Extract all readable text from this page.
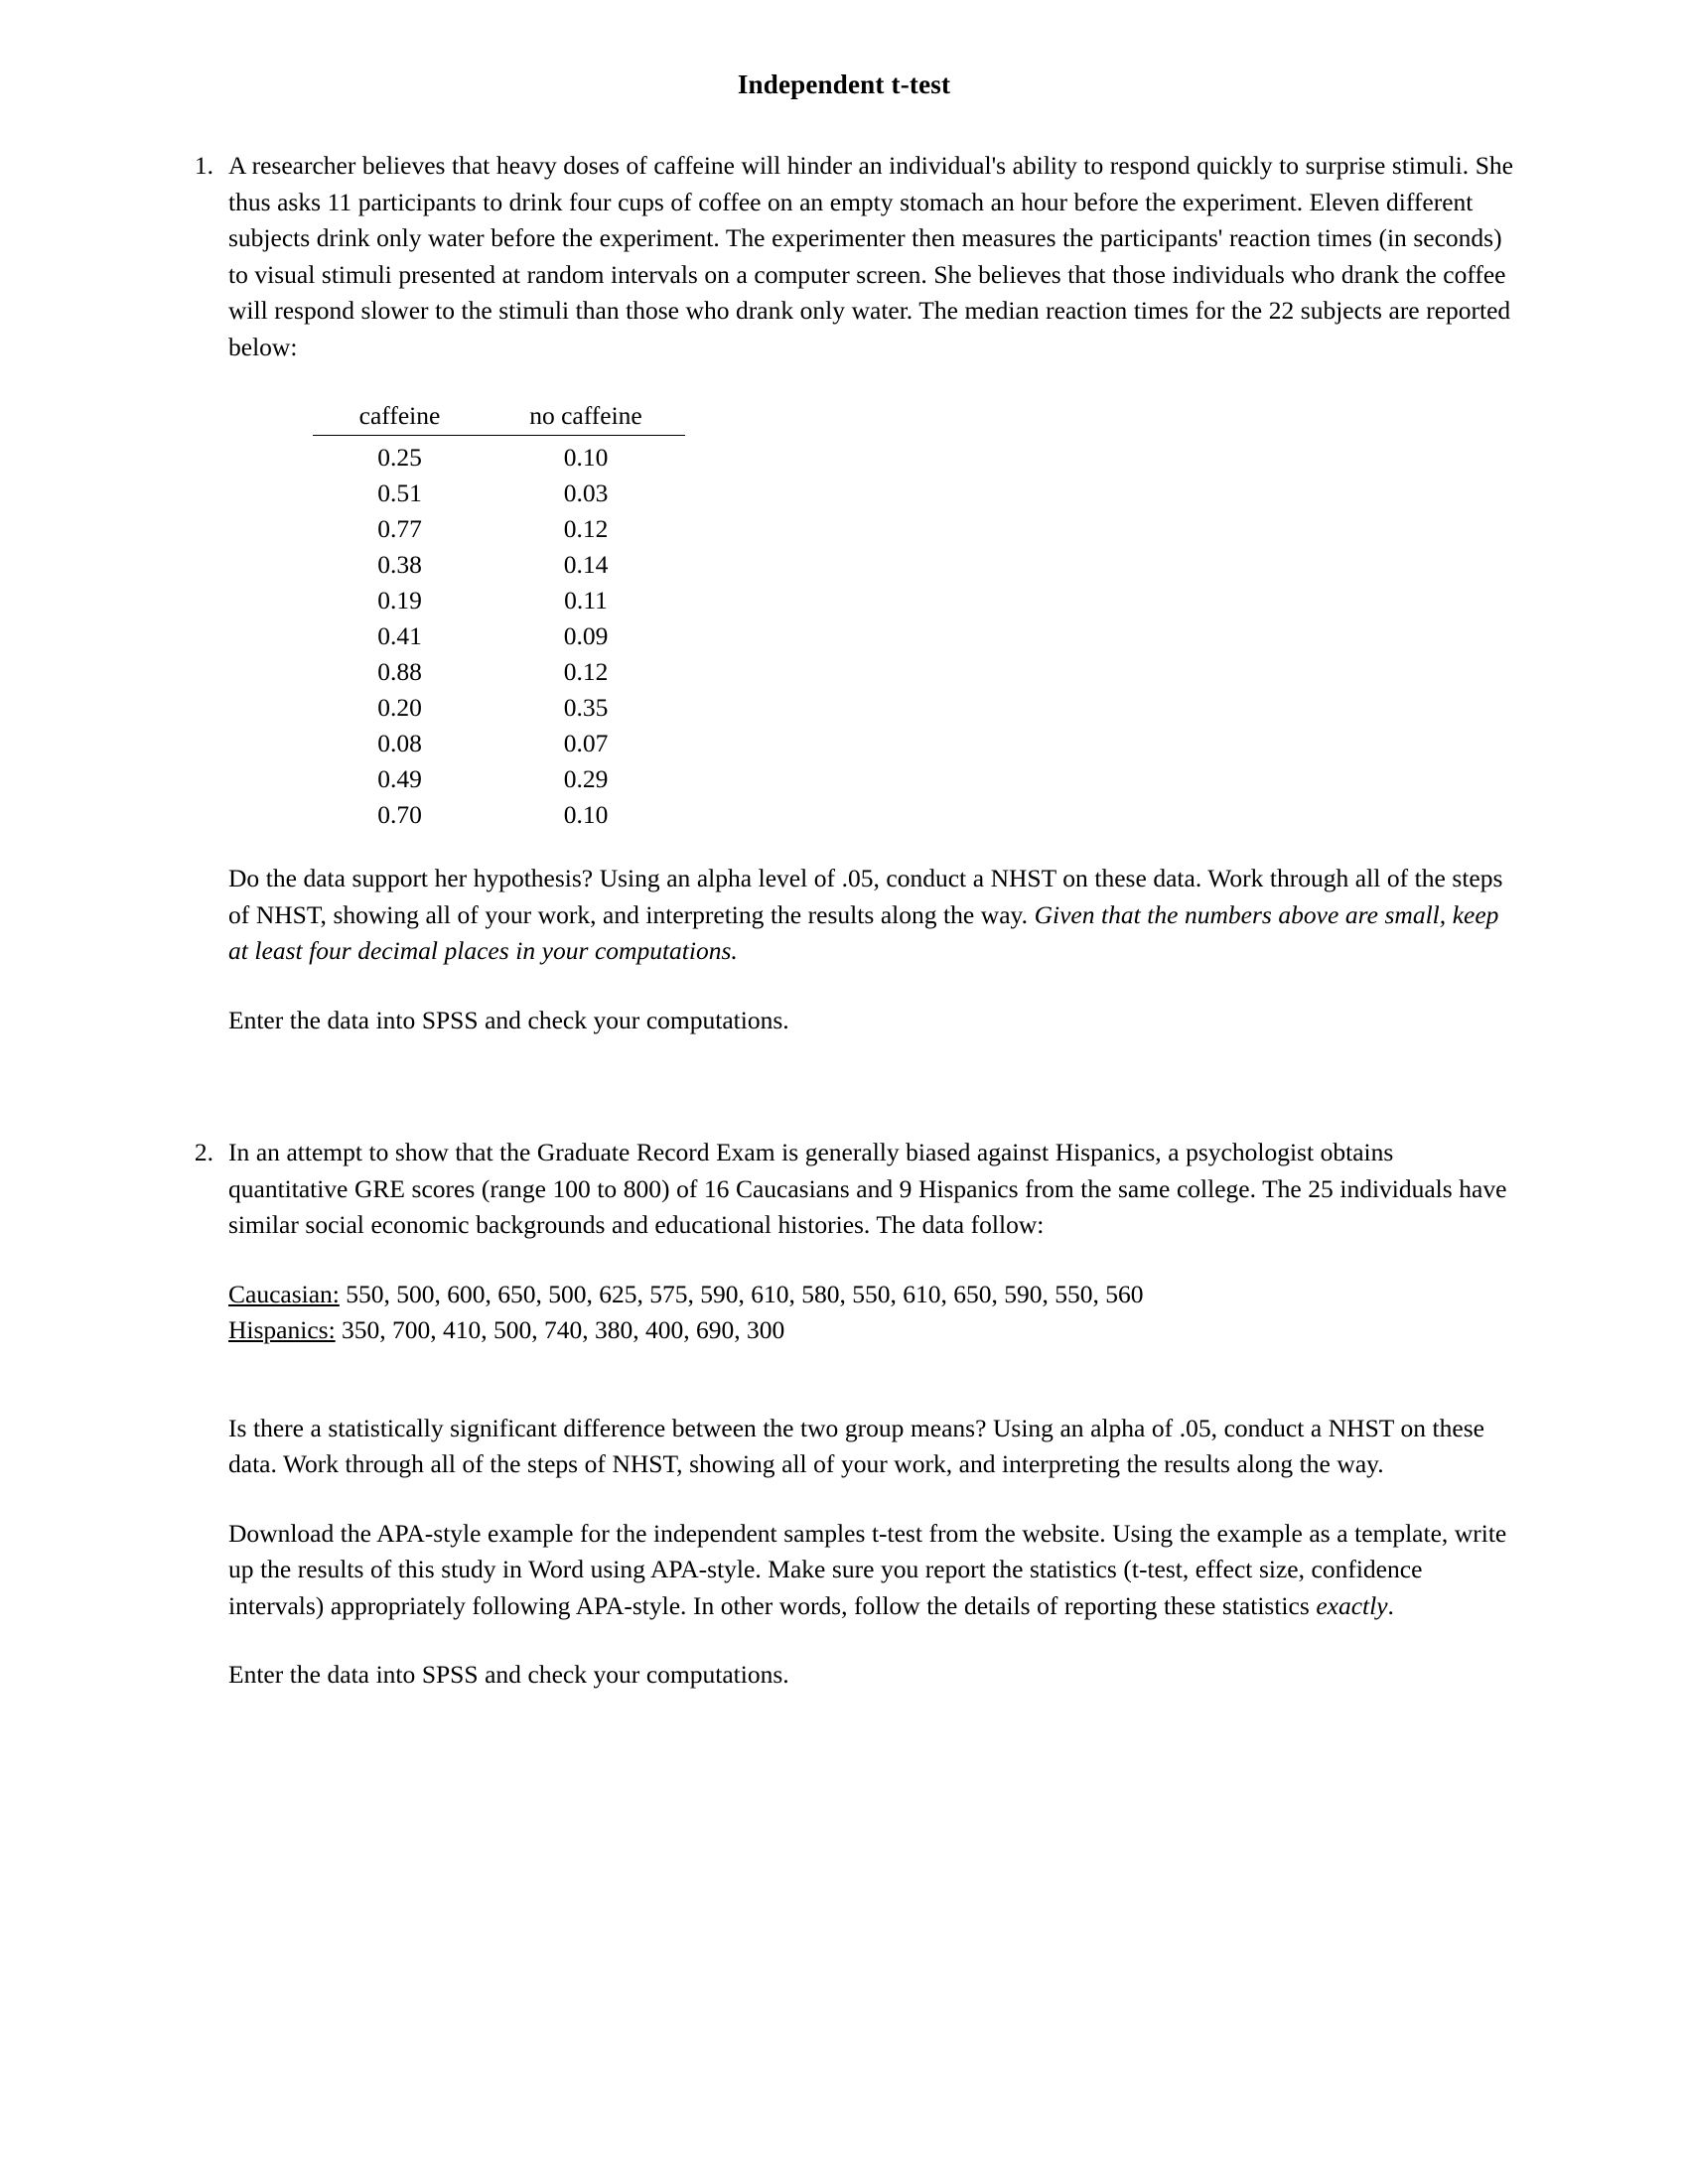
Independent t-test
1. A researcher believes that heavy doses of caffeine will hinder an individual's ability to respond quickly to surprise stimuli. She thus asks 11 participants to drink four cups of coffee on an empty stomach an hour before the experiment. Eleven different subjects drink only water before the experiment. The experimenter then measures the participants' reaction times (in seconds) to visual stimuli presented at random intervals on a computer screen. She believes that those individuals who drank the coffee will respond slower to the stimuli than those who drank only water. The median reaction times for the 22 subjects are reported below:

caffeine	no caffeine
0.25	0.10
0.51	0.03
0.77	0.12
0.38	0.14
0.19	0.11
0.41	0.09
0.88	0.12
0.20	0.35
0.08	0.07
0.49	0.29
0.70	0.10

Do the data support her hypothesis? Using an alpha level of .05, conduct a NHST on these data. Work through all of the steps of NHST, showing all of your work, and interpreting the results along the way. Given that the numbers above are small, keep at least four decimal places in your computations.

Enter the data into SPSS and check your computations.

2. In an attempt to show that the Graduate Record Exam is generally biased against Hispanics, a psychologist obtains quantitative GRE scores (range 100 to 800) of 16 Caucasians and 9 Hispanics from the same college. The 25 individuals have similar social economic backgrounds and educational histories. The data follow:

Caucasian: 550, 500, 600, 650, 500, 625, 575, 590, 610, 580, 550, 610, 650, 590, 550, 560

Hispanics: 350, 700, 410, 500, 740, 380, 400, 690, 300

Is there a statistically significant difference between the two group means? Using an alpha of .05, conduct a NHST on these data. Work through all of the steps of NHST, showing all of your work, and interpreting the results along the way.

Download the APA-style example for the independent samples t-test from the website. Using the example as a template, write up the results of this study in Word using APA-style. Make sure you report the statistics (t-test, effect size, confidence intervals) appropriately following APA-style. In other words, follow the details of reporting these statistics exactly.

Enter the data into SPSS and check your computations.
